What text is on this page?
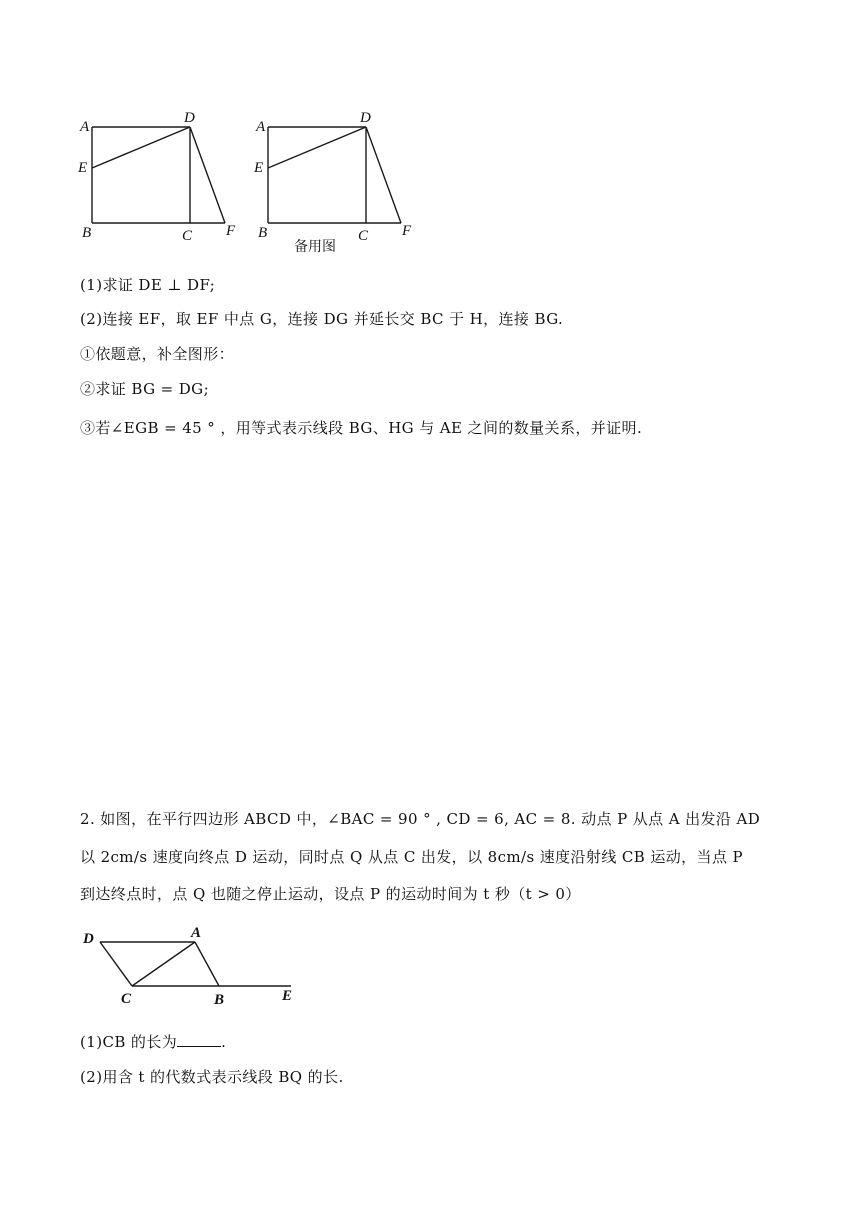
A
D
E
B	C F
A
D
E
B	C F
备用图
(1)求证 DE ⊥ DF;
(2)连接 EF，取 EF 中点 G，连接 DG 并延长交 BC 于 H，连接 BG.
①依题意，补全图形：
②求证 BG = DG;
③若∠EGB = 45 ° ，用等式表示线段 BG、HG 与 AE 之间的数量关系，并证明.
2. 如图，在平行四边形 ABCD 中，∠BAC = 90 ° , CD = 6, AC = 8. 动点 P 从点 A 出发沿 AD
以 2cm/s 速度向终点 D 运动，同时点 Q 从点 C 出发，以 8cm/s 速度沿射线 CB 运动，当点 P
到达终点时，点 Q 也随之停止运动，设点 P 的运动时间为 t 秒（t > 0）
D	A
C	B	E
(1)CB 的长为	.
(2)用含 t 的代数式表示线段 BQ 的长.
